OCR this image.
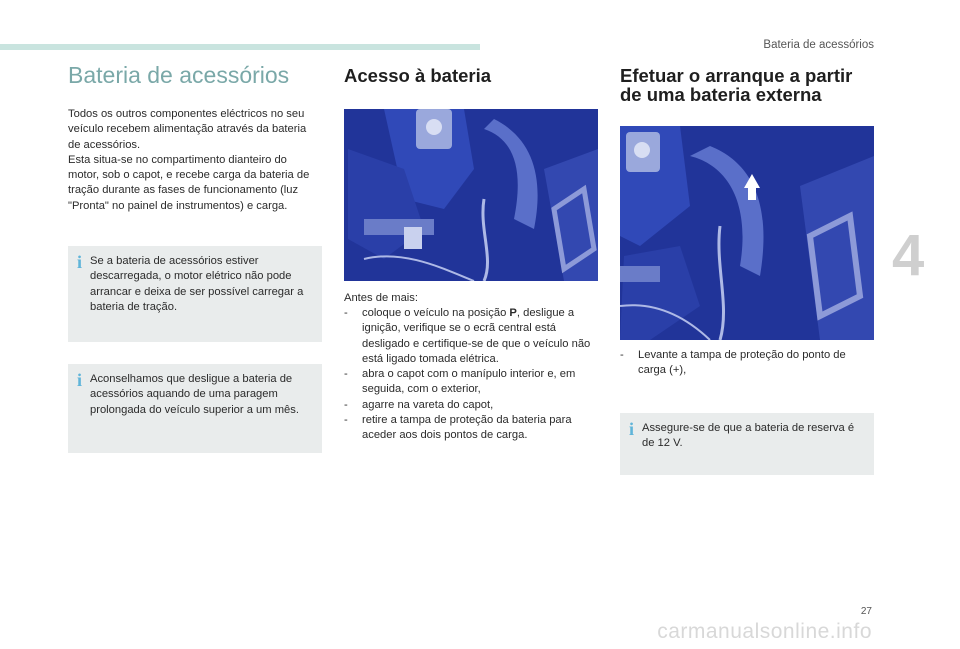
Bateria de acessórios
4
27
carmanualsonline.info
Bateria de acessórios

Todos os outros componentes eléctricos no seu veículo recebem alimentação através da bateria de acessórios.
Esta situa-se no compartimento dianteiro do motor, sob o capot, e recebe carga da bateria de tração durante as fases de funcionamento (luz "Pronta" no painel de instrumentos) e carga.

i Se a bateria de acessórios estiver descarregada, o motor elétrico não pode arrancar e deixa de ser possível carregar a bateria de tração.

i Aconselhamos que desligue a bateria de acessórios aquando de uma paragem prolongada do veículo superior a um mês.

Acesso à bateria

Antes de mais:

- coloque o veículo na posição P, desligue a ignição, verifique se o ecrã central está desligado e certifique-se de que o veículo não está ligado tomada elétrica.
- abra o capot com o manípulo interior e, em seguida, com o exterior,
- agarre na vareta do capot,
- retire a tampa de proteção da bateria para aceder aos dois pontos de carga.
Efetuar o arranque a partir
de uma bateria externa
- Levante a tampa de proteção do ponto de carga (+),
i Assegure-se de que a bateria de reserva é de 12 V.
